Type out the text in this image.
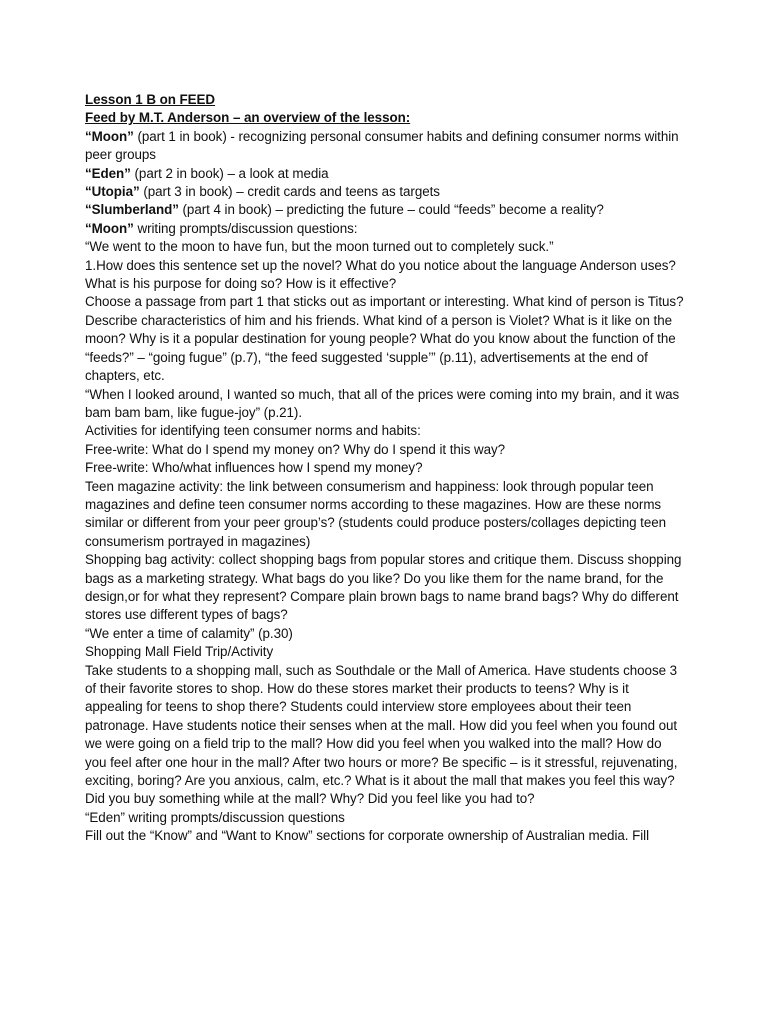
Lesson 1 B on FEED

Feed by M.T. Anderson – an overview of the lesson:

“Moon” (part 1 in book) - recognizing personal consumer habits and defining consumer norms within peer groups

“Eden” (part 2 in book) – a look at media

“Utopia” (part 3 in book) – credit cards and teens as targets

“Slumberland” (part 4 in book) – predicting the future – could “feeds” become a reality?

“Moon” writing prompts/discussion questions:

“We went to the moon to have fun, but the moon turned out to completely suck.”

1.How does this sentence set up the novel? What do you notice about the language Anderson uses?

What is his purpose for doing so? How is it effective?

Choose a passage from part 1 that sticks out as important or interesting. What kind of person is Titus?

Describe characteristics of him and his friends. What kind of a person is Violet? What is it like on the moon? Why is it a popular destination for young people? What do you know about the function of the “feeds?” – “going fugue” (p.7), “the feed suggested ‘supple’” (p.11), advertisements at the end of chapters, etc.

“When I looked around, I wanted so much, that all of the prices were coming into my brain, and it was bam bam bam, like fugue-joy” (p.21).

Activities for identifying teen consumer norms and habits:

Free-write: What do I spend my money on? Why do I spend it this way?

Free-write: Who/what influences how I spend my money?

Teen magazine activity: the link between consumerism and happiness: look through popular teen magazines and define teen consumer norms according to these magazines. How are these norms similar or different from your peer group’s? (students could produce posters/collages depicting teen consumerism portrayed in magazines)

Shopping bag activity: collect shopping bags from popular stores and critique them. Discuss shopping bags as a marketing strategy. What bags do you like? Do you like them for the name brand, for the design,or for what they represent? Compare plain brown bags to name brand bags? Why do different stores use different types of bags?

“We enter a time of calamity” (p.30)

Shopping Mall Field Trip/Activity

Take students to a shopping mall, such as Southdale or the Mall of America. Have students choose 3 of their favorite stores to shop. How do these stores market their products to teens? Why is it appealing for teens to shop there? Students could interview store employees about their teen patronage. Have students notice their senses when at the mall. How did you feel when you found out we were going on a field trip to the mall? How did you feel when you walked into the mall? How do you feel after one hour in the mall? After two hours or more? Be specific – is it stressful, rejuvenating, exciting, boring? Are you anxious, calm, etc.? What is it about the mall that makes you feel this way? Did you buy something while at the mall? Why? Did you feel like you had to?

“Eden” writing prompts/discussion questions

Fill out the “Know” and “Want to Know” sections for corporate ownership of Australian media. Fill
